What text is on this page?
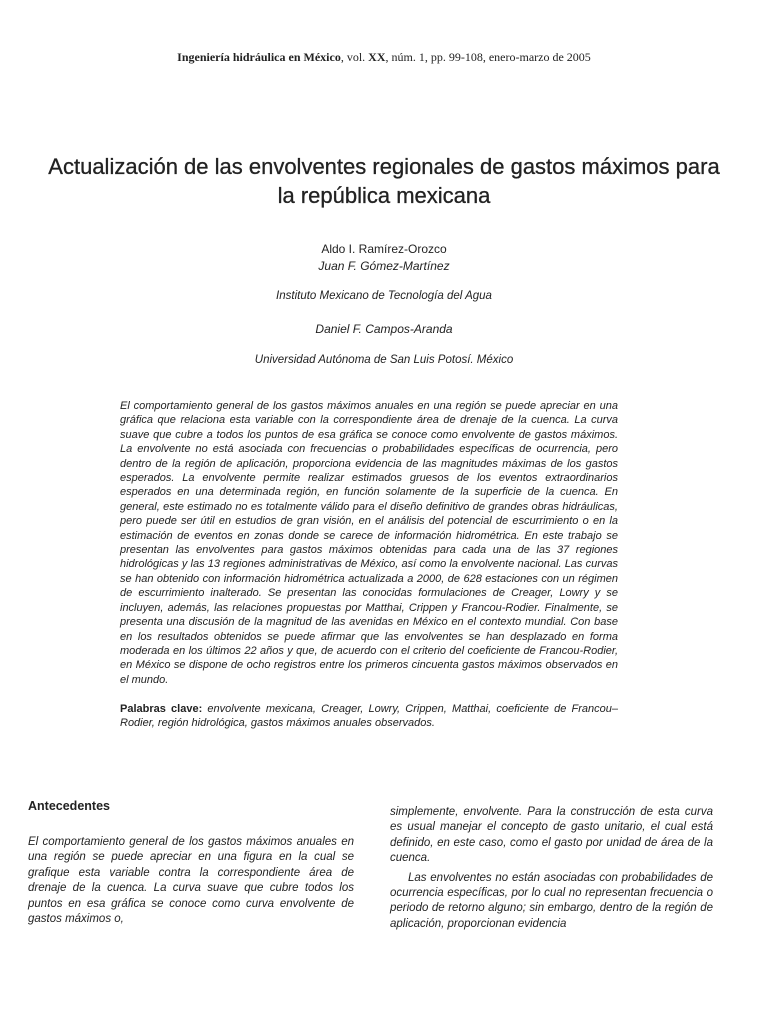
Ingeniería hidráulica en México, vol. XX, núm. 1, pp. 99-108, enero-marzo de 2005
Actualización de las envolventes regionales de gastos máximos para la república mexicana
Aldo I. Ramírez-Orozco
Juan F. Gómez-Martínez
Instituto Mexicano de Tecnología del Agua
Daniel F. Campos-Aranda
Universidad Autónoma de San Luis Potosí. México

El comportamiento general de los gastos máximos anuales en una región se puede apreciar en una gráfica que relaciona esta variable con la correspondiente área de drenaje de la cuenca. La curva suave que cubre a todos los puntos de esa gráfica se conoce como envolvente de gastos máximos. La envolvente no está asociada con frecuencias o probabilidades específicas de ocurrencia, pero dentro de la región de aplicación, proporciona evidencia de las magnitudes máximas de los gastos esperados. La envolvente permite realizar estimados gruesos de los eventos extraordinarios esperados en una determinada región, en función solamente de la superficie de la cuenca. En general, este estimado no es totalmente válido para el diseño definitivo de grandes obras hidráulicas, pero puede ser útil en estudios de gran visión, en el análisis del potencial de escurrimiento o en la estimación de eventos en zonas donde se carece de información hidrométrica. En este trabajo se presentan las envolventes para gastos máximos obtenidas para cada una de las 37 regiones hidrológicas y las 13 regiones administrativas de México, así como la envolvente nacional. Las curvas se han obtenido con información hidrométrica actualizada a 2000, de 628 estaciones con un régimen de escurrimiento inalterado. Se presentan las conocidas formulaciones de Creager, Lowry y se incluyen, además, las relaciones propuestas por Matthai, Crippen y Francou-Rodier. Finalmente, se presenta una discusión de la magnitud de las avenidas en México en el contexto mundial. Con base en los resultados obtenidos se puede afirmar que las envolventes se han desplazado en forma moderada en los últimos 22 años y que, de acuerdo con el criterio del coeficiente de Francou-Rodier, en México se dispone de ocho registros entre los primeros cincuenta gastos máximos observados en el mundo.

Palabras clave: envolvente mexicana, Creager, Lowry, Crippen, Matthai, coeficiente de Francou–Rodier, región hidrológica, gastos máximos anuales observados.

Antecedentes

El comportamiento general de los gastos máximos anuales en una región se puede apreciar en una figura en la cual se grafique esta variable contra la correspondiente área de drenaje de la cuenca. La curva suave que cubre todos los puntos en esa gráfica se conoce como curva envolvente de gastos máximos o,

simplemente, envolvente. Para la construcción de esta curva es usual manejar el concepto de gasto unitario, el cual está definido, en este caso, como el gasto por unidad de área de la cuenca.

Las envolventes no están asociadas con probabilidades de ocurrencia específicas, por lo cual no representan frecuencia o periodo de retorno alguno; sin embargo, dentro de la región de aplicación, proporcionan evidencia
